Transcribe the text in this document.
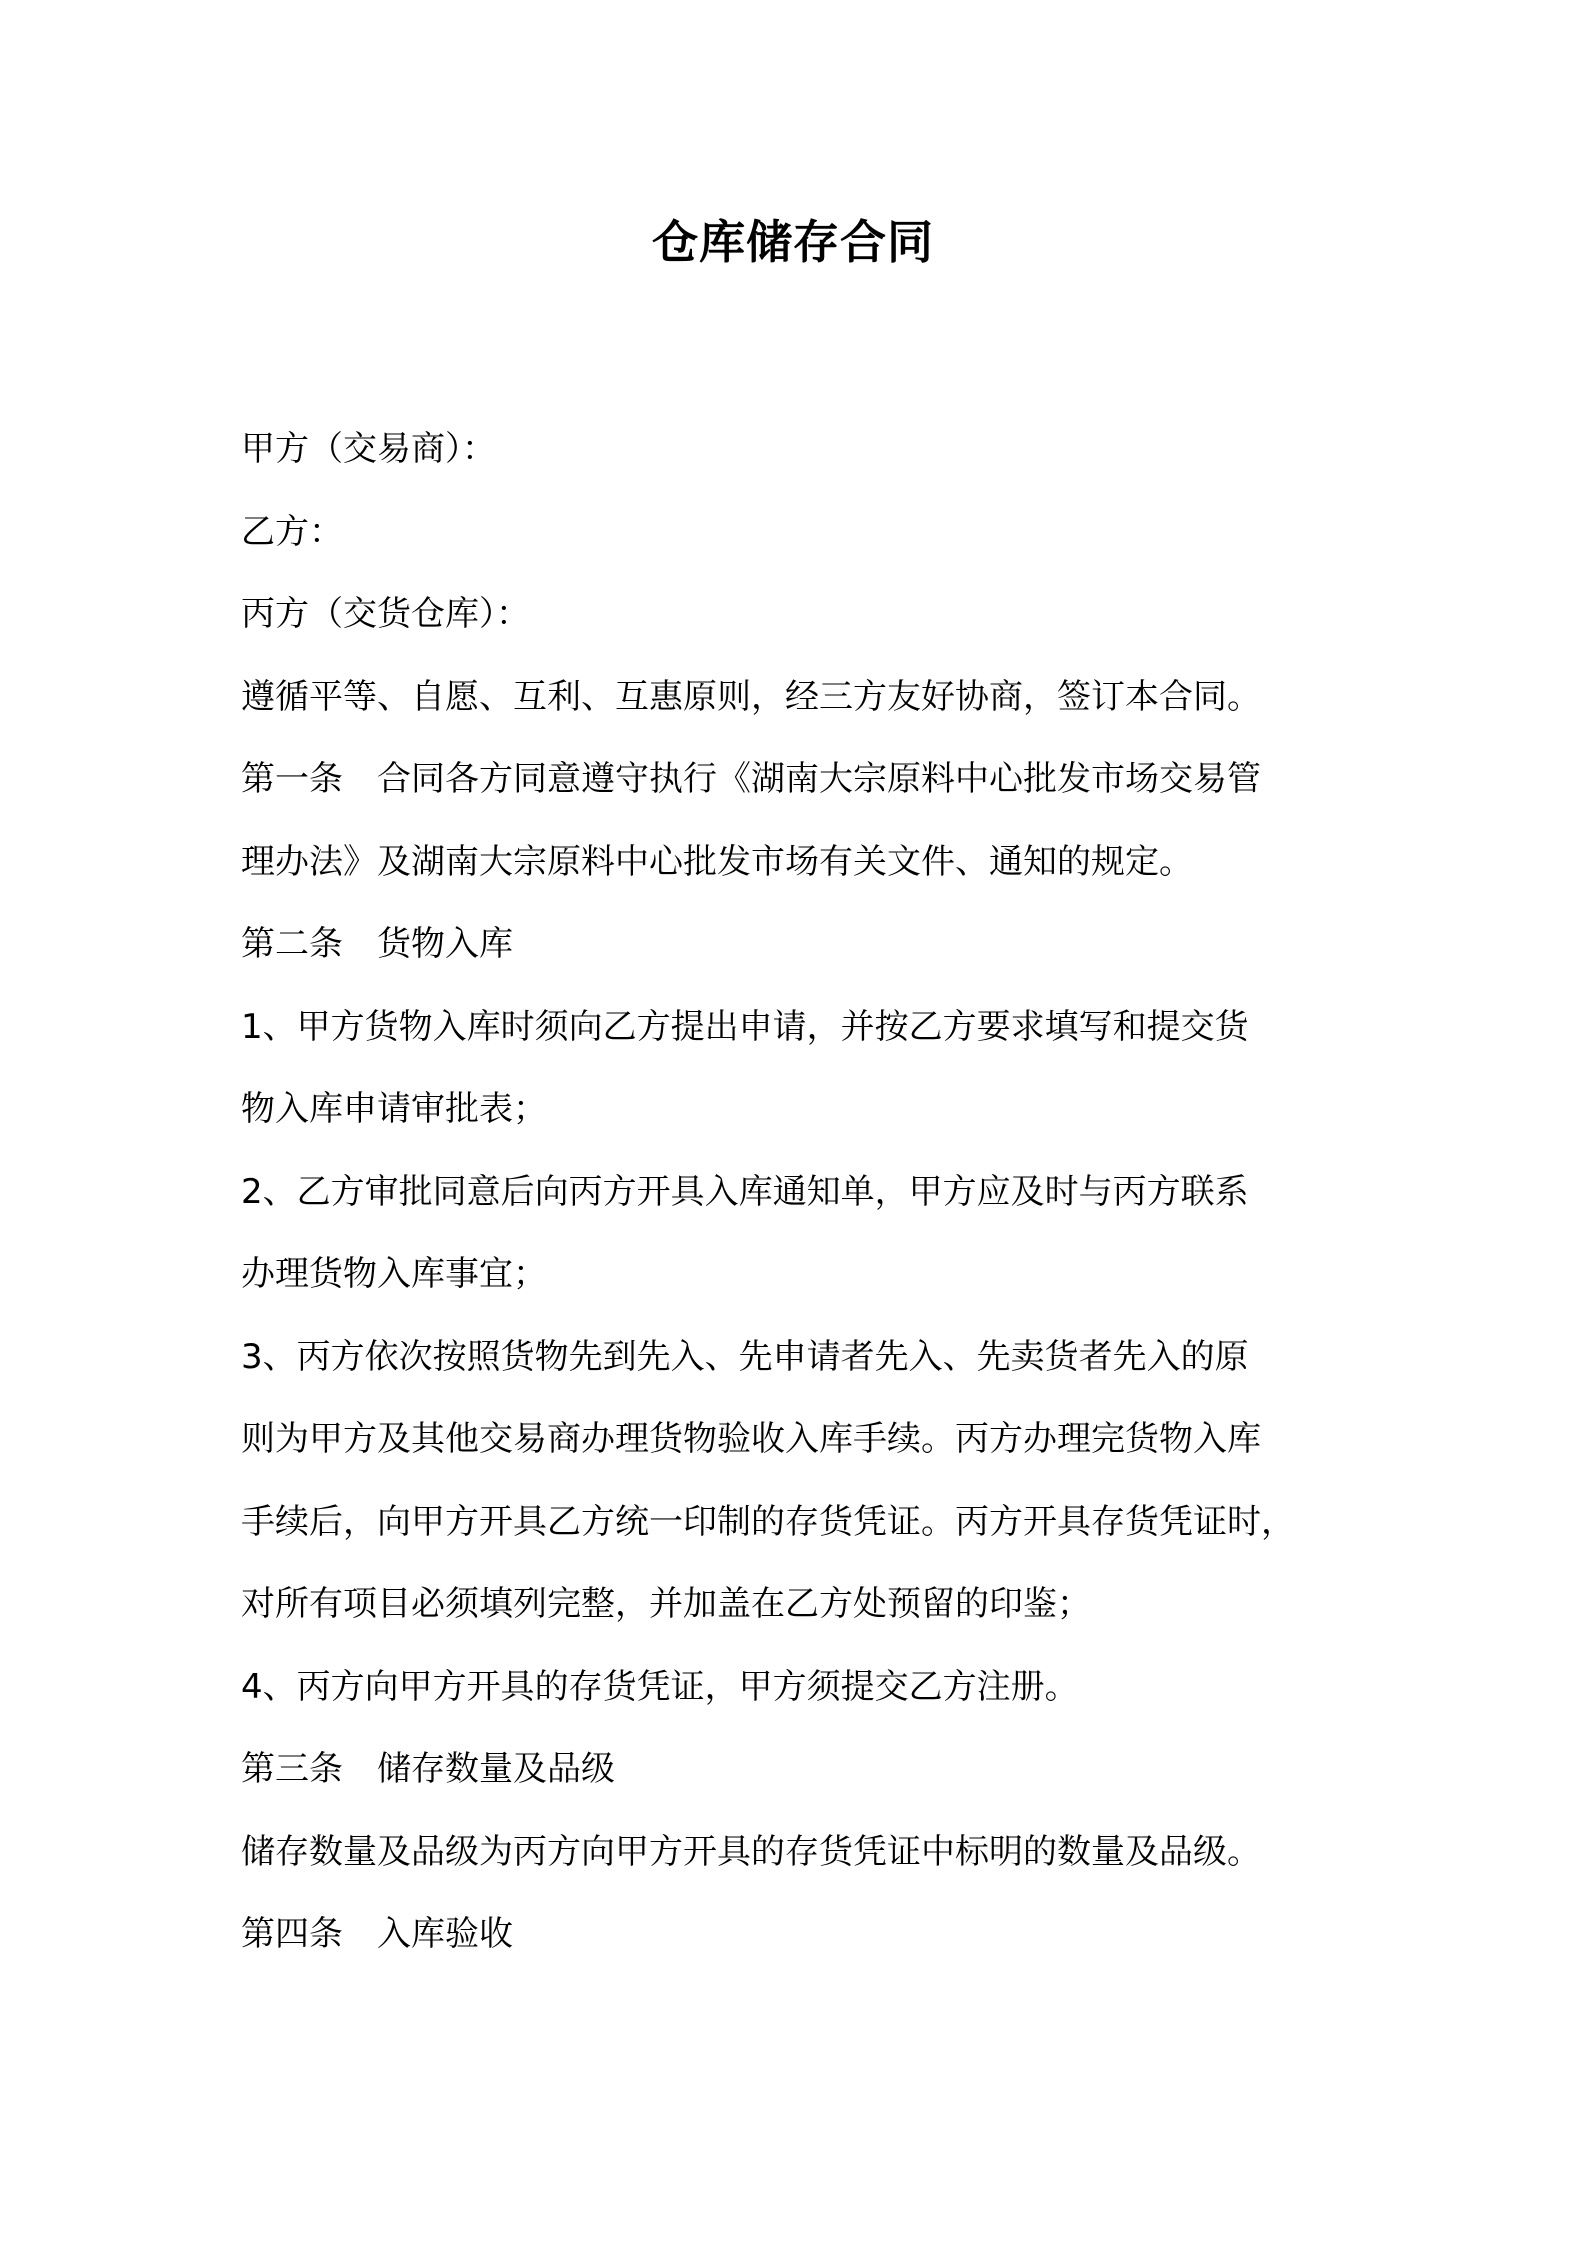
仓库储存合同

甲方（交易商）：

乙方：

丙方（交货仓库）：

遵循平等、自愿、互利、互惠原则，经三方友好协商，签订本合同。

第一条　合同各方同意遵守执行《湖南大宗原料中心批发市场交易管

理办法》及湖南大宗原料中心批发市场有关文件、通知的规定。

第二条　货物入库

1、甲方货物入库时须向乙方提出申请，并按乙方要求填写和提交货

物入库申请审批表；

2、乙方审批同意后向丙方开具入库通知单，甲方应及时与丙方联系

办理货物入库事宜；

3、丙方依次按照货物先到先入、先申请者先入、先卖货者先入的原

则为甲方及其他交易商办理货物验收入库手续。丙方办理完货物入库

手续后，向甲方开具乙方统一印制的存货凭证。丙方开具存货凭证时，

对所有项目必须填列完整，并加盖在乙方处预留的印鉴；

4、丙方向甲方开具的存货凭证，甲方须提交乙方注册。

第三条　储存数量及品级

储存数量及品级为丙方向甲方开具的存货凭证中标明的数量及品级。

第四条　入库验收
